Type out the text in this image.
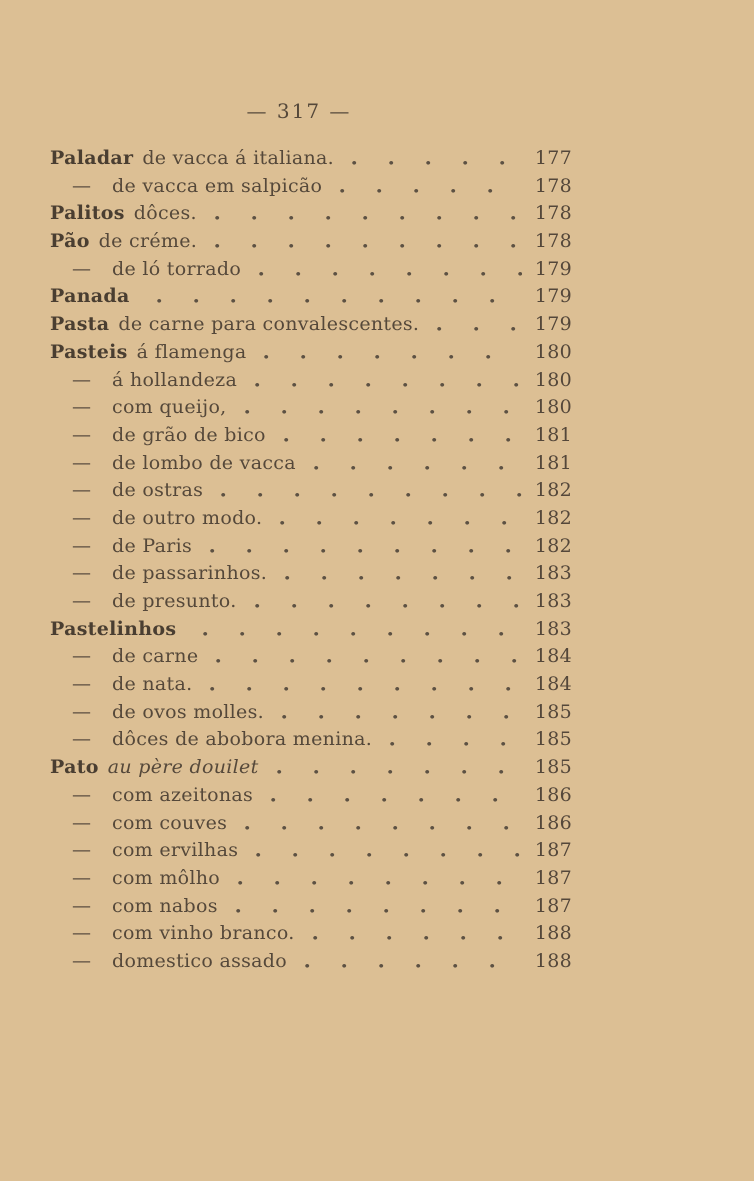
— 317 —
Paladar de vacca á italiana.	177
—	de vacca em salpicão	178
Palitos dôces.	178
Pão de créme.	178
—	de ló torrado	179
Panada	179
Pasta de carne para convalescentes.	179
Pasteis á flamenga	180
—	á hollandeza	180
—	com queijo,	180
—	de grão de bico	181
—	de lombo de vacca	181
—	de ostras	182
—	de outro modo.	182
—	de Paris	182
—	de passarinhos.	183
—	de presunto.	183
Pastelinhos	183
—	de carne	184
—	de nata.	184
—	de ovos molles.	185
—	dôces de abobora menina.	185
Pato au père douilet	185
—	com azeitonas	186
—	com couves	186
—	com ervilhas	187
—	com môlho	187
—	com nabos	187
—	com vinho branco.	188
—	domestico assado	188
